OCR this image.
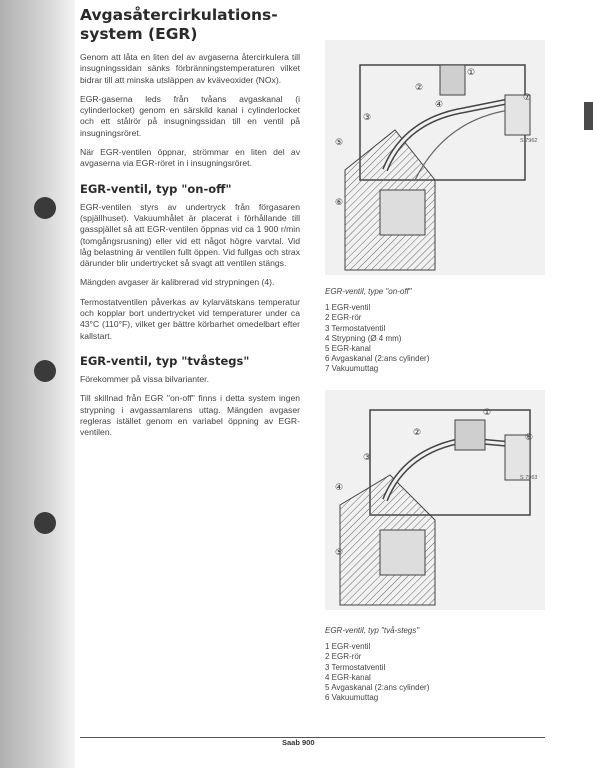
Avgasåtercirkulations-
system (EGR)

Genom att låta en liten del av avgaserna återcirkulera till insugningssidan sänks förbränningstemperaturen vilket bidrar till att minska utsläppen av kväveoxider (NOx).

EGR-gaserna leds från tvåans avgaskanal (i cylinderlocket) genom en särskild kanal i cylinderlocket och ett stålrör på insugningssidan till en ventil på insugningsröret.

När EGR-ventilen öppnar, strömmar en liten del av avgaserna via EGR-röret in i insugningsröret.

EGR-ventil, typ "on-off"

EGR-ventilen styrs av undertryck från förgasaren (spjällhuset). Vakuumhålet är placerat i förhållande till gasspjället så att EGR-ventilen öppnas vid ca 1 900 r/min (tomgångsrusning) eller vid ett något högre varvtal. Vid låg belastning är ventilen fullt öppen. Vid fullgas och strax därunder blir undertrycket så svagt att ventilen stängs.

Mängden avgaser är kalibrerad vid strypningen (4).

Termostatventilen påverkas av kylarvätskans temperatur och kopplar bort undertrycket vid temperaturer under ca 43°C (110°F), vilket ger bättre körbarhet omedelbart efter kallstart.

EGR-ventil, typ "tvåstegs"

Förekommer på vissa bilvarianter.

Till skillnad från EGR "on-off" finns i detta system ingen strypning i avgassamlarens uttag. Mängden avgaser regleras istället genom en variabel öppning av EGR-ventilen.

①
②
③
④
⑤
⑥
⑦
S 7962
EGR-ventil, type "on-off"
1 EGR-ventil
2 EGR-rör
3 Termostatventil
4 Strypning (Ø 4 mm)
5 EGR-kanal
6 Avgaskanal (2:ans cylinder)
7 Vakuumuttag
①
②
③
④
⑤
⑥
S 7963
EGR-ventil, typ "två-stegs"
1 EGR-ventil
2 EGR-rör
3 Termostatventil
4 EGR-kanal
5 Avgaskanal (2:ans cylinder)
6 Vakuumuttag
Saab 900
